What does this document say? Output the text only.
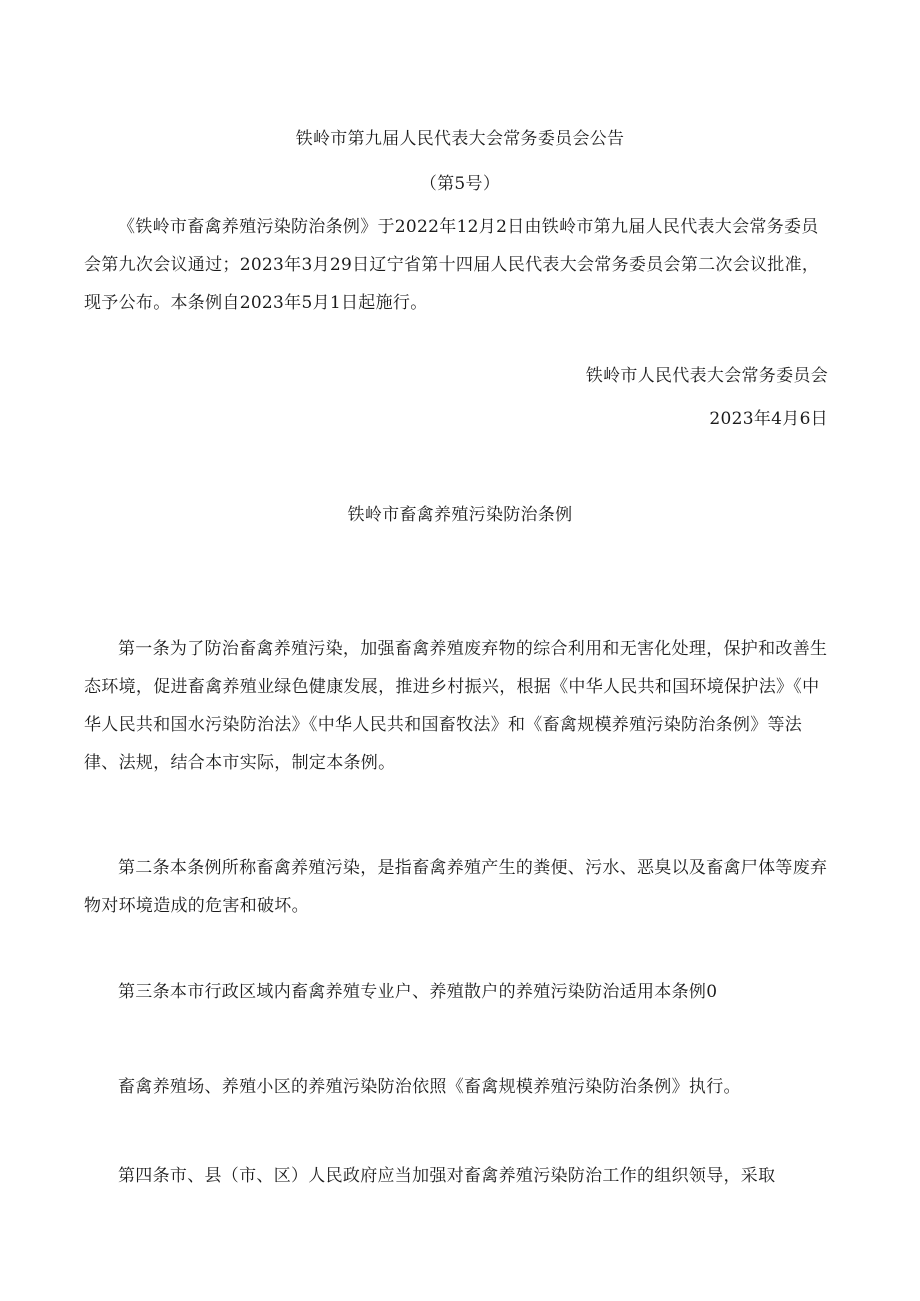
铁岭市第九届人民代表大会常务委员会公告
（第5号）
《铁岭市畜禽养殖污染防治条例》于2022年12月2日由铁岭市第九届人民代表大会常务委员会第九次会议通过；2023年3月29日辽宁省第十四届人民代表大会常务委员会第二次会议批准，现予公布。本条例自2023年5月1日起施行。
铁岭市人民代表大会常务委员会
2023年4月6日
铁岭市畜禽养殖污染防治条例
第一条为了防治畜禽养殖污染，加强畜禽养殖废弃物的综合利用和无害化处理，保护和改善生态环境，促进畜禽养殖业绿色健康发展，推进乡村振兴，根据《中华人民共和国环境保护法》《中华人民共和国水污染防治法》《中华人民共和国畜牧法》和《畜禽规模养殖污染防治条例》等法律、法规，结合本市实际，制定本条例。
第二条本条例所称畜禽养殖污染，是指畜禽养殖产生的粪便、污水、恶臭以及畜禽尸体等废弃物对环境造成的危害和破坏。
第三条本市行政区域内畜禽养殖专业户、养殖散户的养殖污染防治适用本条例0
畜禽养殖场、养殖小区的养殖污染防治依照《畜禽规模养殖污染防治条例》执行。
第四条市、县（市、区）人民政府应当加强对畜禽养殖污染防治工作的组织领导，采取
